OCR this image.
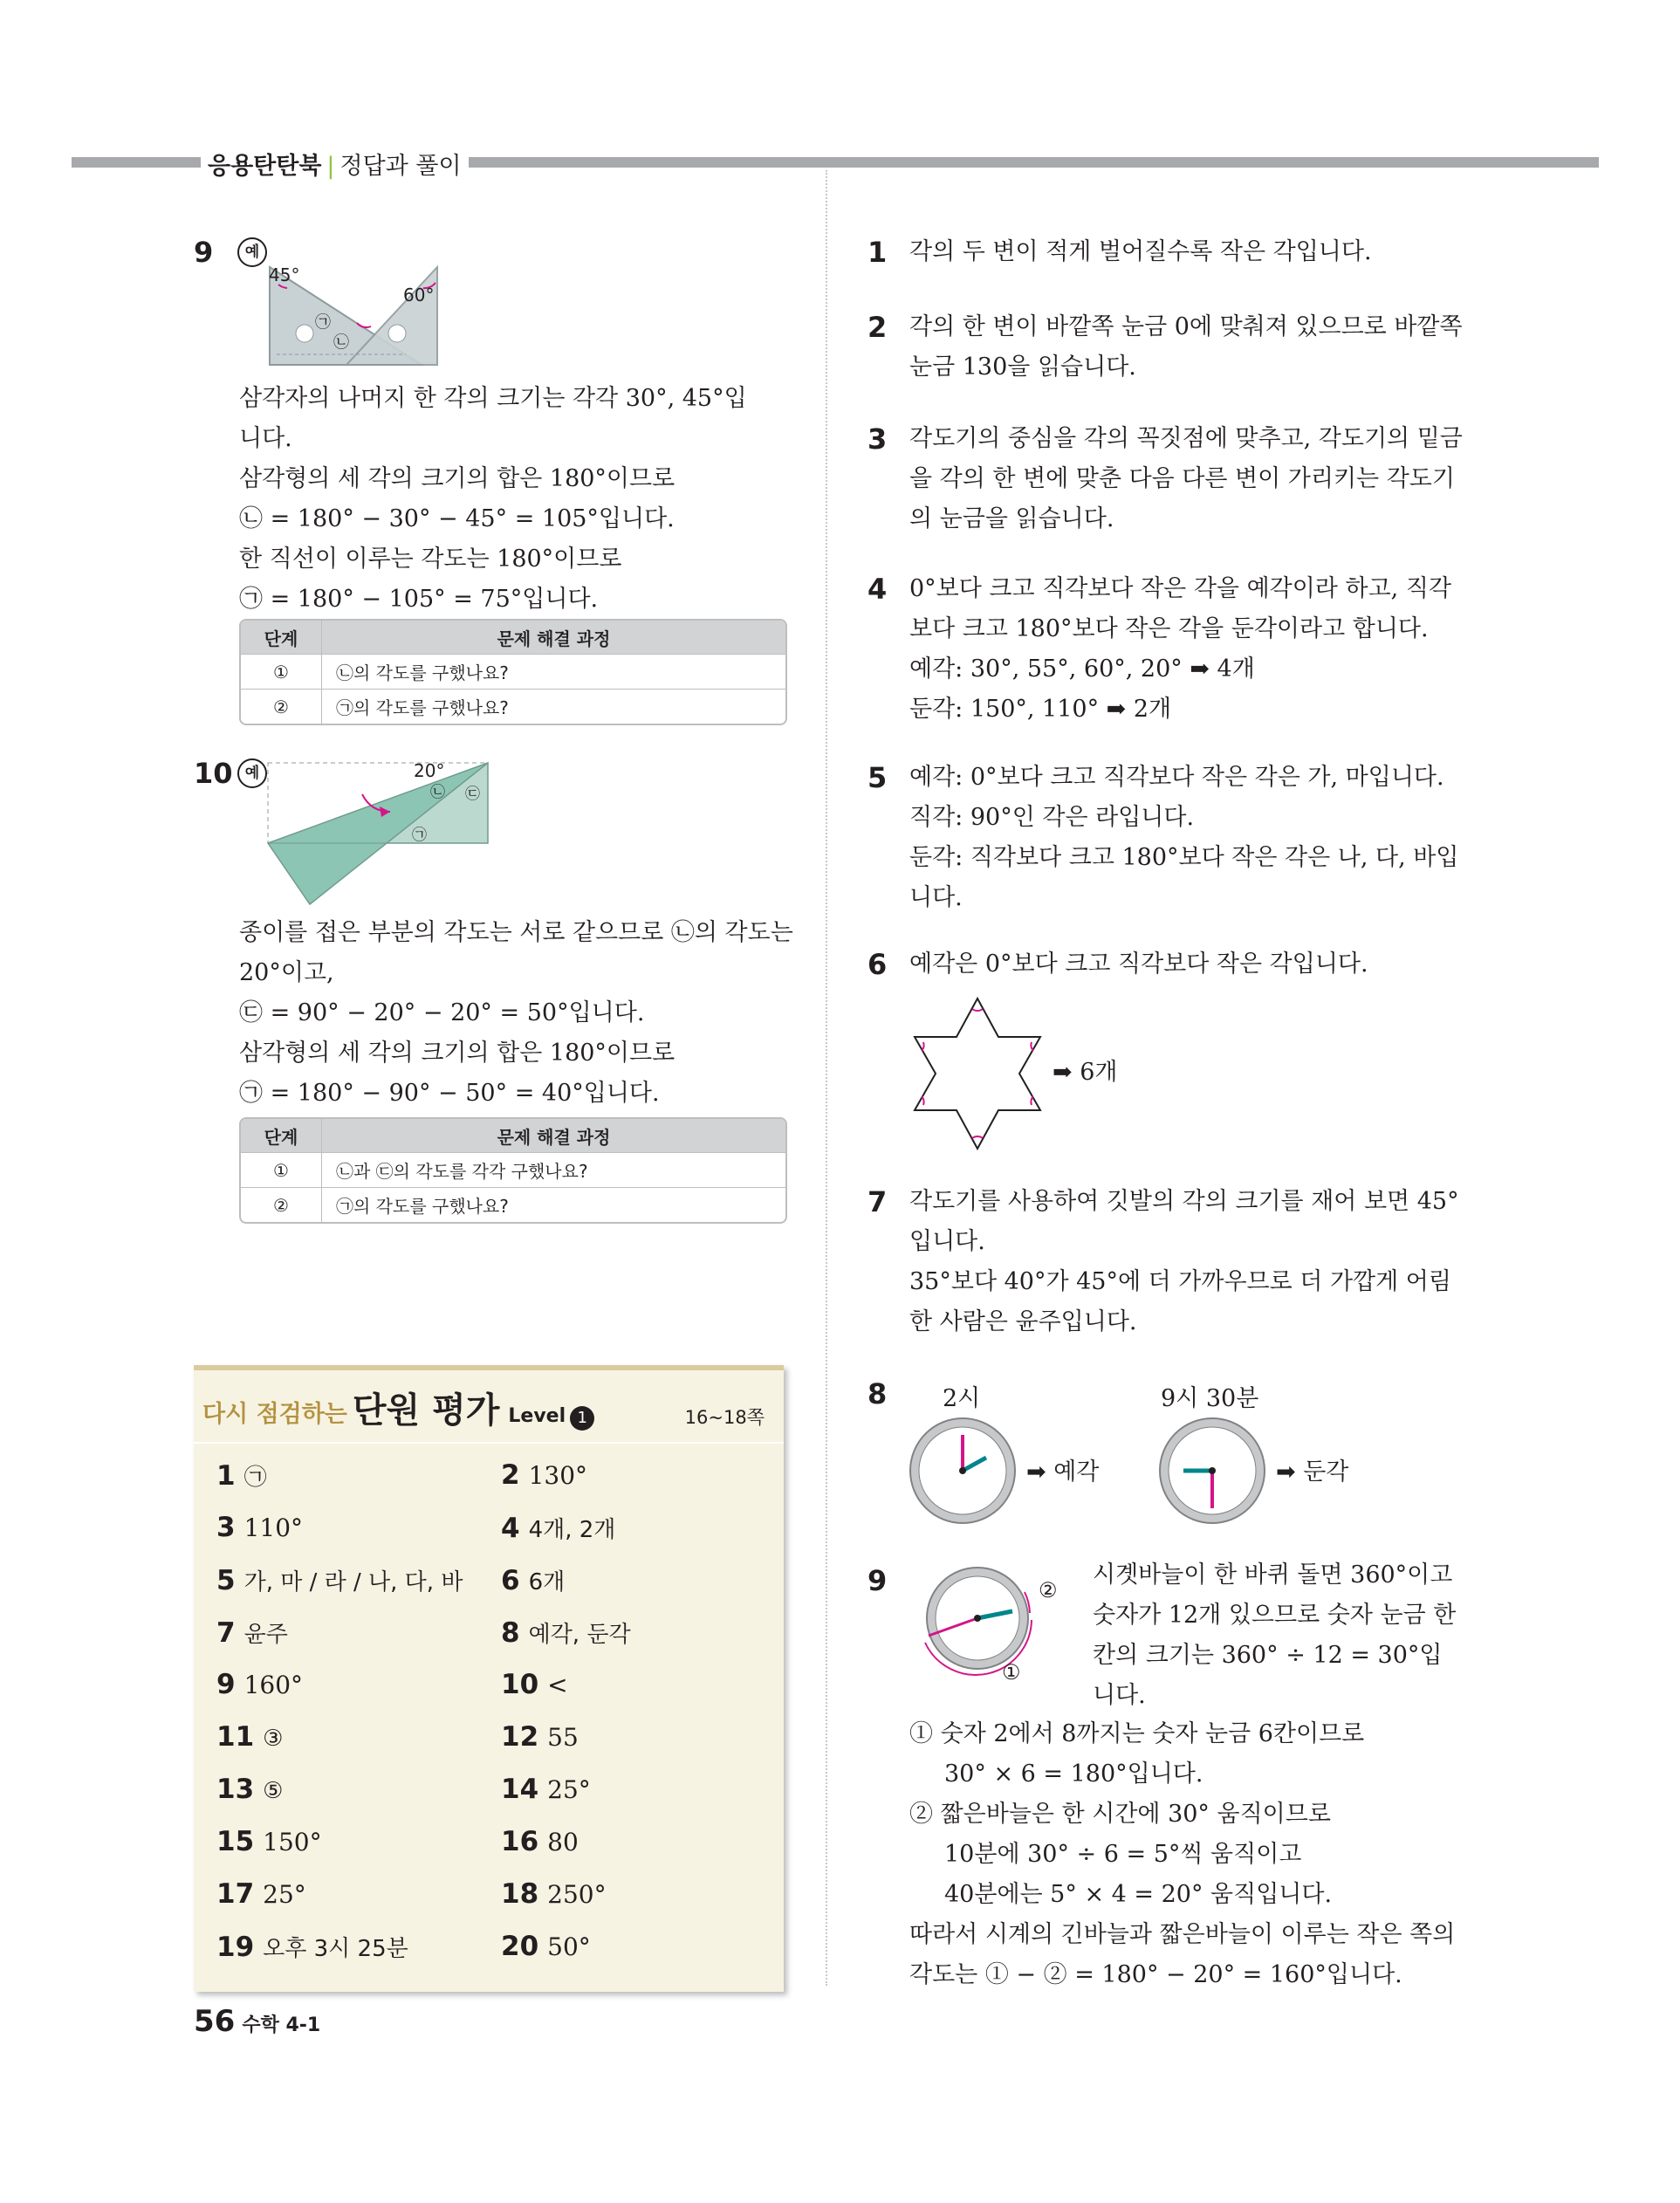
응용탄탄북 | 정답과 풀이
9	예
45°
60°
㉠
㉡

삼각자의 나머지 한 각의 크기는 각각 30°, 45°입

니다.

삼각형의 세 각의 크기의 합은 180°이므로

㉡ = 180° − 30° − 45° = 105°입니다.

한 직선이 이루는 각도는 180°이므로

㉠ = 180° − 105° = 75°입니다.

단계	문제 해결 과정
①	㉡의 각도를 구했나요?
②	㉠의 각도를 구했나요?
10 예	20°
㉡ ㉢
㉠

종이를 접은 부분의 각도는 서로 같으므로 ㉡의 각도는

20°이고,

㉢ = 90° − 20° − 20° = 50°입니다.

삼각형의 세 각의 크기의 합은 180°이므로

㉠ = 180° − 90° − 50° = 40°입니다.

단계	문제 해결 과정
①	㉡과 ㉢의 각도를 각각 구했나요?
②	㉠의 각도를 구했나요?
다시 점검하는 단원 평가 Level 1	16~18쪽
1 ㉠	2 130°
3 110°	4 4개, 2개
5 가, 마 / 라 / 나, 다, 바 6 6개
7 윤주	8 예각, 둔각
9 160°	10 <
11 ③	12 55
13 ⑤	14 25°
15 150°	16 80
17 25°	18 250°
19 오후 3시 25분	20 50°
56 수학 4-1
1 각의 두 변이 적게 벌어질수록 작은 각입니다.

2 각의 한 변이 바깥쪽 눈금 0에 맞춰져 있으므로 바깥쪽

눈금 130을 읽습니다.

3 각도기의 중심을 각의 꼭짓점에 맞추고, 각도기의 밑금

을 각의 한 변에 맞춘 다음 다른 변이 가리키는 각도기

의 눈금을 읽습니다.

4 0°보다 크고 직각보다 작은 각을 예각이라 하고, 직각

보다 크고 180°보다 작은 각을 둔각이라고 합니다.

예각: 30°, 55°, 60°, 20° ➡ 4개

둔각: 150°, 110° ➡ 2개

5 예각: 0°보다 크고 직각보다 작은 각은 가, 마입니다.

직각: 90°인 각은 라입니다.

둔각: 직각보다 크고 180°보다 작은 각은 나, 다, 바입

니다.

6 예각은 0°보다 크고 직각보다 작은 각입니다.

➡ 6개
7 각도기를 사용하여 깃발의 각의 크기를 재어 보면 45°

입니다.

35°보다 40°가 45°에 더 가까우므로 더 가깝게 어림

한 사람은 윤주입니다.

8 2시	9시 30분
➡ 예각	➡ 둔각
9	②
①

시곗바늘이 한 바퀴 돌면 360°이고

숫자가 12개 있으므로 숫자 눈금 한

칸의 크기는 360° ÷ 12 = 30°입

니다.

① 숫자 2에서 8까지는 숫자 눈금 6칸이므로

30° × 6 = 180°입니다.

② 짧은바늘은 한 시간에 30° 움직이므로

10분에 30° ÷ 6 = 5°씩 움직이고

40분에는 5° × 4 = 20° 움직입니다.

따라서 시계의 긴바늘과 짧은바늘이 이루는 작은 쪽의

각도는 ① − ② = 180° − 20° = 160°입니다.
